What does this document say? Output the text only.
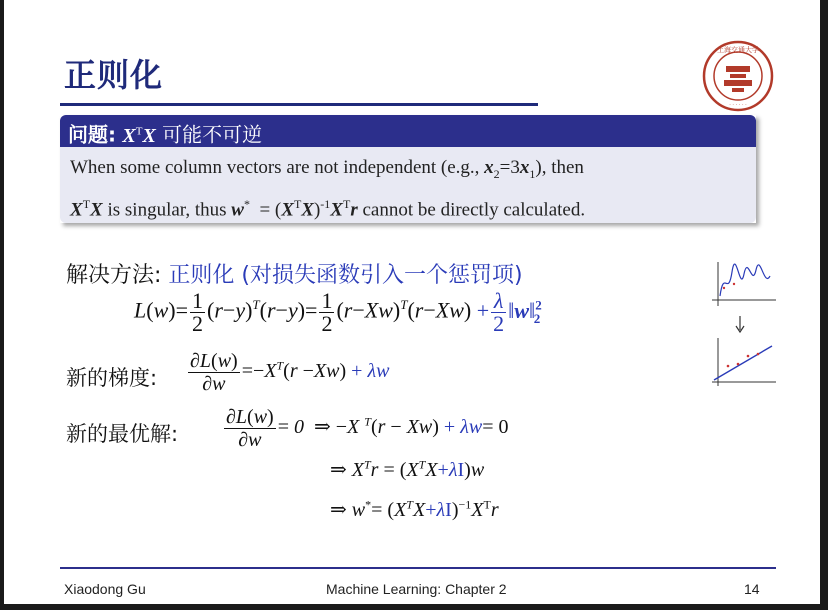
正则化
上海交通大学
· · · · · ·
问题: $X^TX$ 可能不可逆
When some column vectors are not independent (e.g., $x_2=3x_1$), then
$X^TX$ is singular, thus $w^* = (X^TX)^{-1}X^Tr$ cannot be directly calculated.
解决方法: 正则化 (对损失函数引入一个惩罚项)
$L(w)= \frac{1}{2} (r-y)^T(r-y)= \frac{1}{2} (r-Xw)^T(r-Xw) + \frac{\lambda}{2}$ ‖w‖$^2_2$
新的梯度: $\frac{\partial L(w)}{\partial w} =-X^T(r -Xw) + \lambda w$
新的最优解: $\frac{\partial L(w)}{\partial w} = 0$  ⇒ −X $^T$(r − Xw) + λw= 0
⇒ $X^Tr = (X^TX+\lambda I)w$
⇒ $w^*= (X^TX+\lambda I)^{-1}X^Tr$
Xiaodong Gu	Machine Learning: Chapter 2	14
